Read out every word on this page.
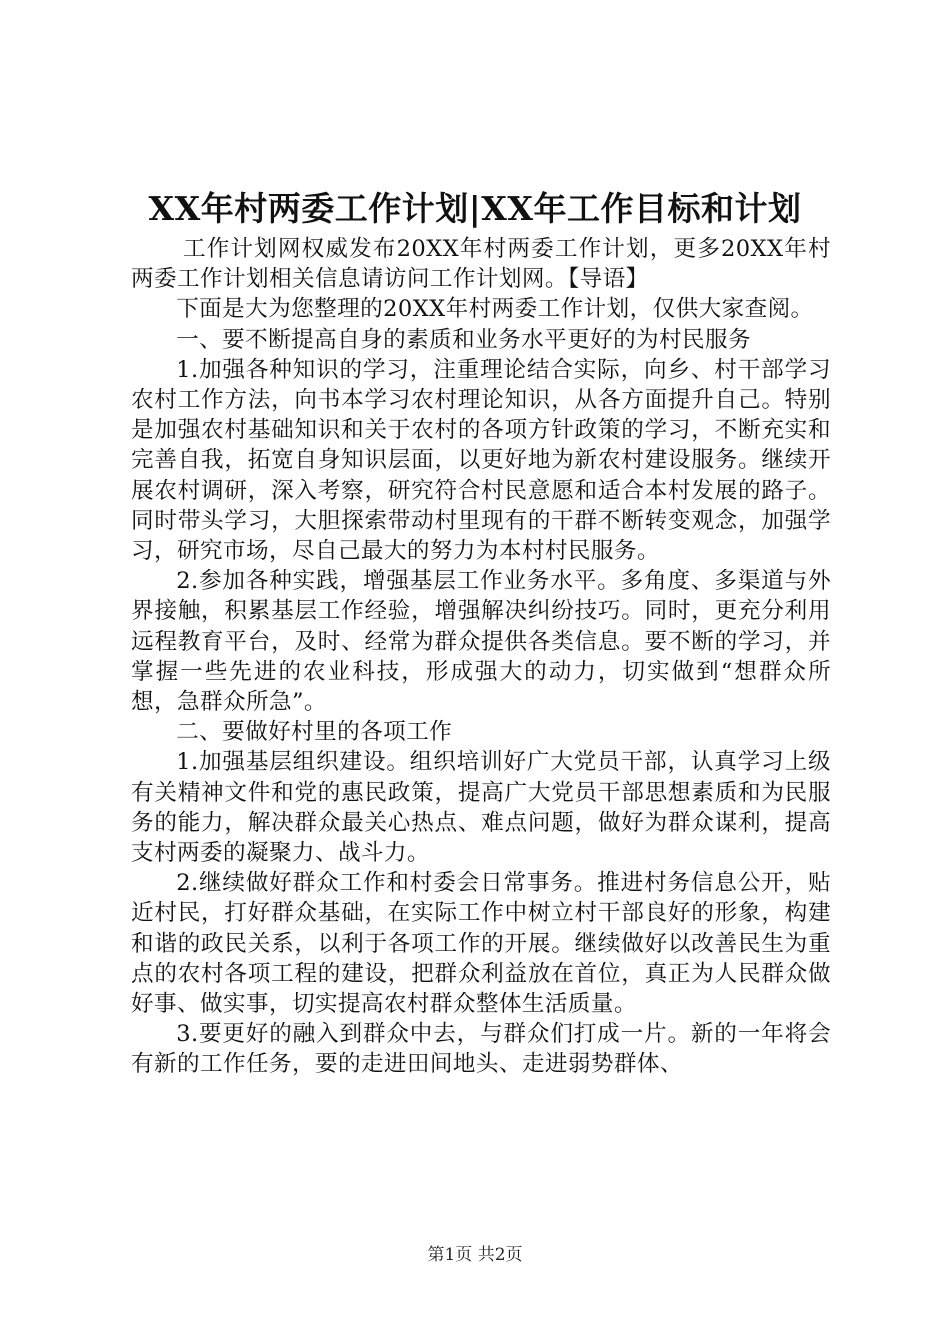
XX年村两委工作计划|XX年工作目标和计划

工作计划网权威发布20XX年村两委工作计划，更多20XX年村两委工作计划相关信息请访问工作计划网。【导语】

下面是大为您整理的20XX年村两委工作计划，仅供大家查阅。

一、要不断提高自身的素质和业务水平更好的为村民服务

1.加强各种知识的学习，注重理论结合实际，向乡、村干部学习农村工作方法，向书本学习农村理论知识，从各方面提升自己。特别是加强农村基础知识和关于农村的各项方针政策的学习，不断充实和完善自我，拓宽自身知识层面，以更好地为新农村建设服务。继续开展农村调研，深入考察，研究符合村民意愿和适合本村发展的路子。同时带头学习，大胆探索带动村里现有的干群不断转变观念，加强学习，研究市场，尽自己最大的努力为本村村民服务。

2.参加各种实践，增强基层工作业务水平。多角度、多渠道与外界接触，积累基层工作经验，增强解决纠纷技巧。同时，更充分利用远程教育平台，及时、经常为群众提供各类信息。要不断的学习，并掌握一些先进的农业科技，形成强大的动力，切实做到“想群众所想，急群众所急”。

二、要做好村里的各项工作

1.加强基层组织建设。组织培训好广大党员干部，认真学习上级有关精神文件和党的惠民政策，提高广大党员干部思想素质和为民服务的能力，解决群众最关心热点、难点问题，做好为群众谋利，提高支村两委的凝聚力、战斗力。

2.继续做好群众工作和村委会日常事务。推进村务信息公开，贴近村民，打好群众基础，在实际工作中树立村干部良好的形象，构建和谐的政民关系，以利于各项工作的开展。继续做好以改善民生为重点的农村各项工程的建设，把群众利益放在首位，真正为人民群众做好事、做实事，切实提高农村群众整体生活质量。

3.要更好的融入到群众中去，与群众们打成一片。新的一年将会有新的工作任务，要的走进田间地头、走进弱势群体、

第1页 共2页
